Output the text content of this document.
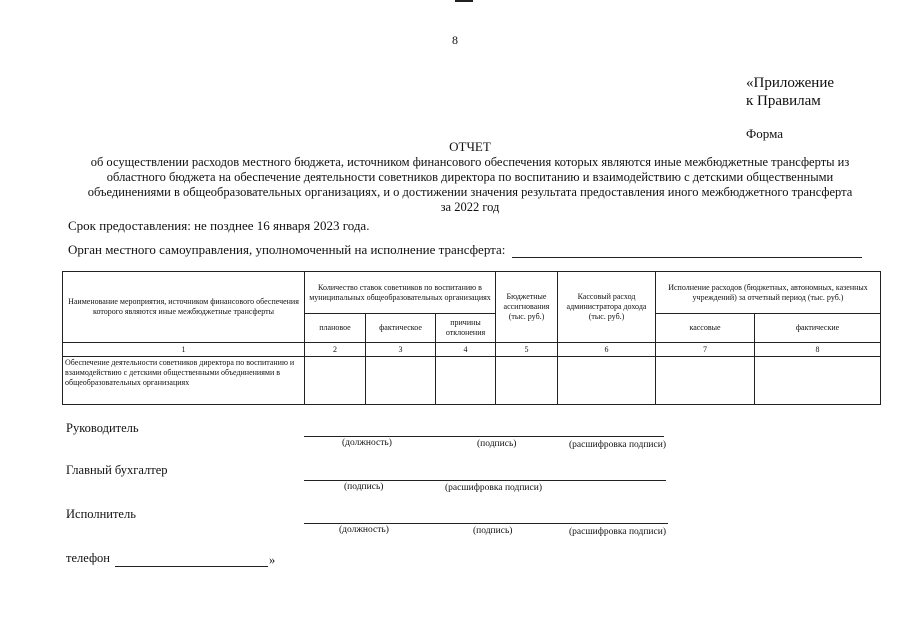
8
«Приложение
к Правилам
Форма
ОТЧЕТ
об осуществлении расходов местного бюджета, источником финансового обеспечения которых являются иные межбюджетные трансферты из
областного бюджета на обеспечение деятельности советников директора по воспитанию и взаимодействию с детскими общественными
объединениями в общеобразовательных организациях, и о достижении значения результата предоставления иного межбюджетного трансферта
за 2022 год
Срок предоставления: не позднее 16 января 2023 года.
Орган местного самоуправления, уполномоченный на исполнение трансферта:
Наименование мероприятия, источником финансового обеспечения которого являются иные межбюджетные трансферты	Количество ставок советников по воспитанию в муниципальных общеобразовательных организациях			Бюджетные ассигнования (тыс. руб.)	Кассовый расход администратора дохода (тыс. руб.)	Исполнение расходов (бюджетных, автономных, казенных учреждений) за отчетный период (тыс. руб.)	
	плановое	фактическое	причины отклонения			кассовые	фактические
1	2	3	4	5	6	7	8
Обеспечение деятельности советников директора по воспитанию и взаимодействию с детскими общественными объединениями в общеобразовательных организациях							
Руководитель
(должность)	(подпись)	(расшифровка подписи)
Главный бухгалтер
(подпись)	(расшифровка подписи)
Исполнитель
(должность)	(подпись)	(расшифровка подписи)
телефон	»
